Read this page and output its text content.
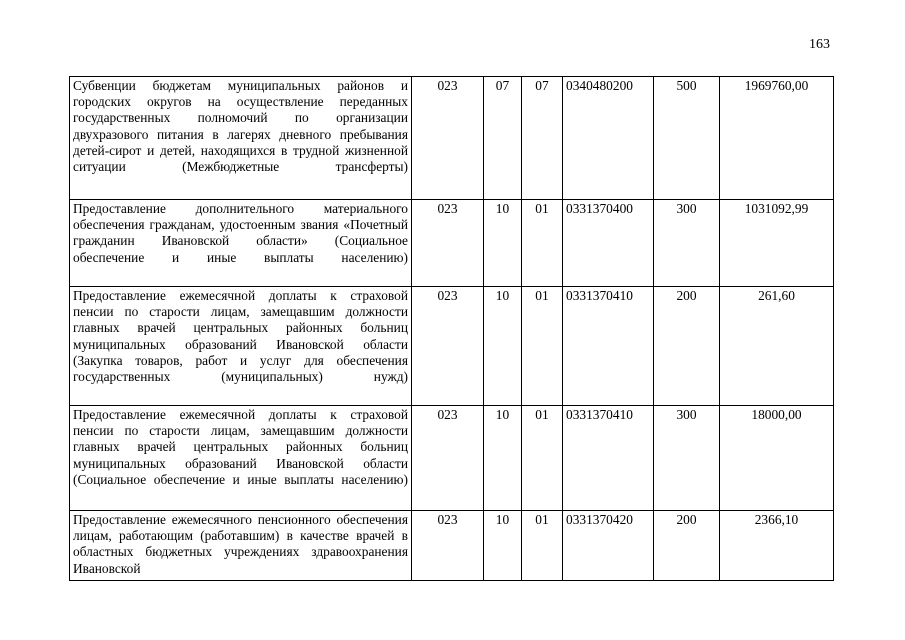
163
Субвенции бюджетам муниципальных районов и городских округов на осуществление переданных государственных полномочий по организации двухразового питания в лагерях дневного пребывания детей-сирот и детей, находящихся в трудной жизненной ситуации (Межбюджетные трансферты)	023	07	07	0340480200	500	1969760,00
Предоставление дополнительного материального обеспечения гражданам, удостоенным звания «Почетный гражданин Ивановской области» (Социальное обеспечение и иные выплаты населению)	023	10	01	0331370400	300	1031092,99
Предоставление ежемесячной доплаты к страховой пенсии по старости лицам, замещавшим должности главных врачей центральных районных больниц муниципальных образований Ивановской области (Закупка товаров, работ и услуг для обеспечения государственных (муниципальных) нужд)	023	10	01	0331370410	200	261,60
Предоставление ежемесячной доплаты к страховой пенсии по старости лицам, замещавшим должности главных врачей центральных районных больниц муниципальных образований Ивановской области (Социальное обеспечение и иные выплаты населению)	023	10	01	0331370410	300	18000,00
Предоставление ежемесячного пенсионного обеспечения лицам, работающим (работавшим) в качестве врачей в областных бюджетных учреждениях здравоохранения Ивановской	023	10	01	0331370420	200	2366,10
